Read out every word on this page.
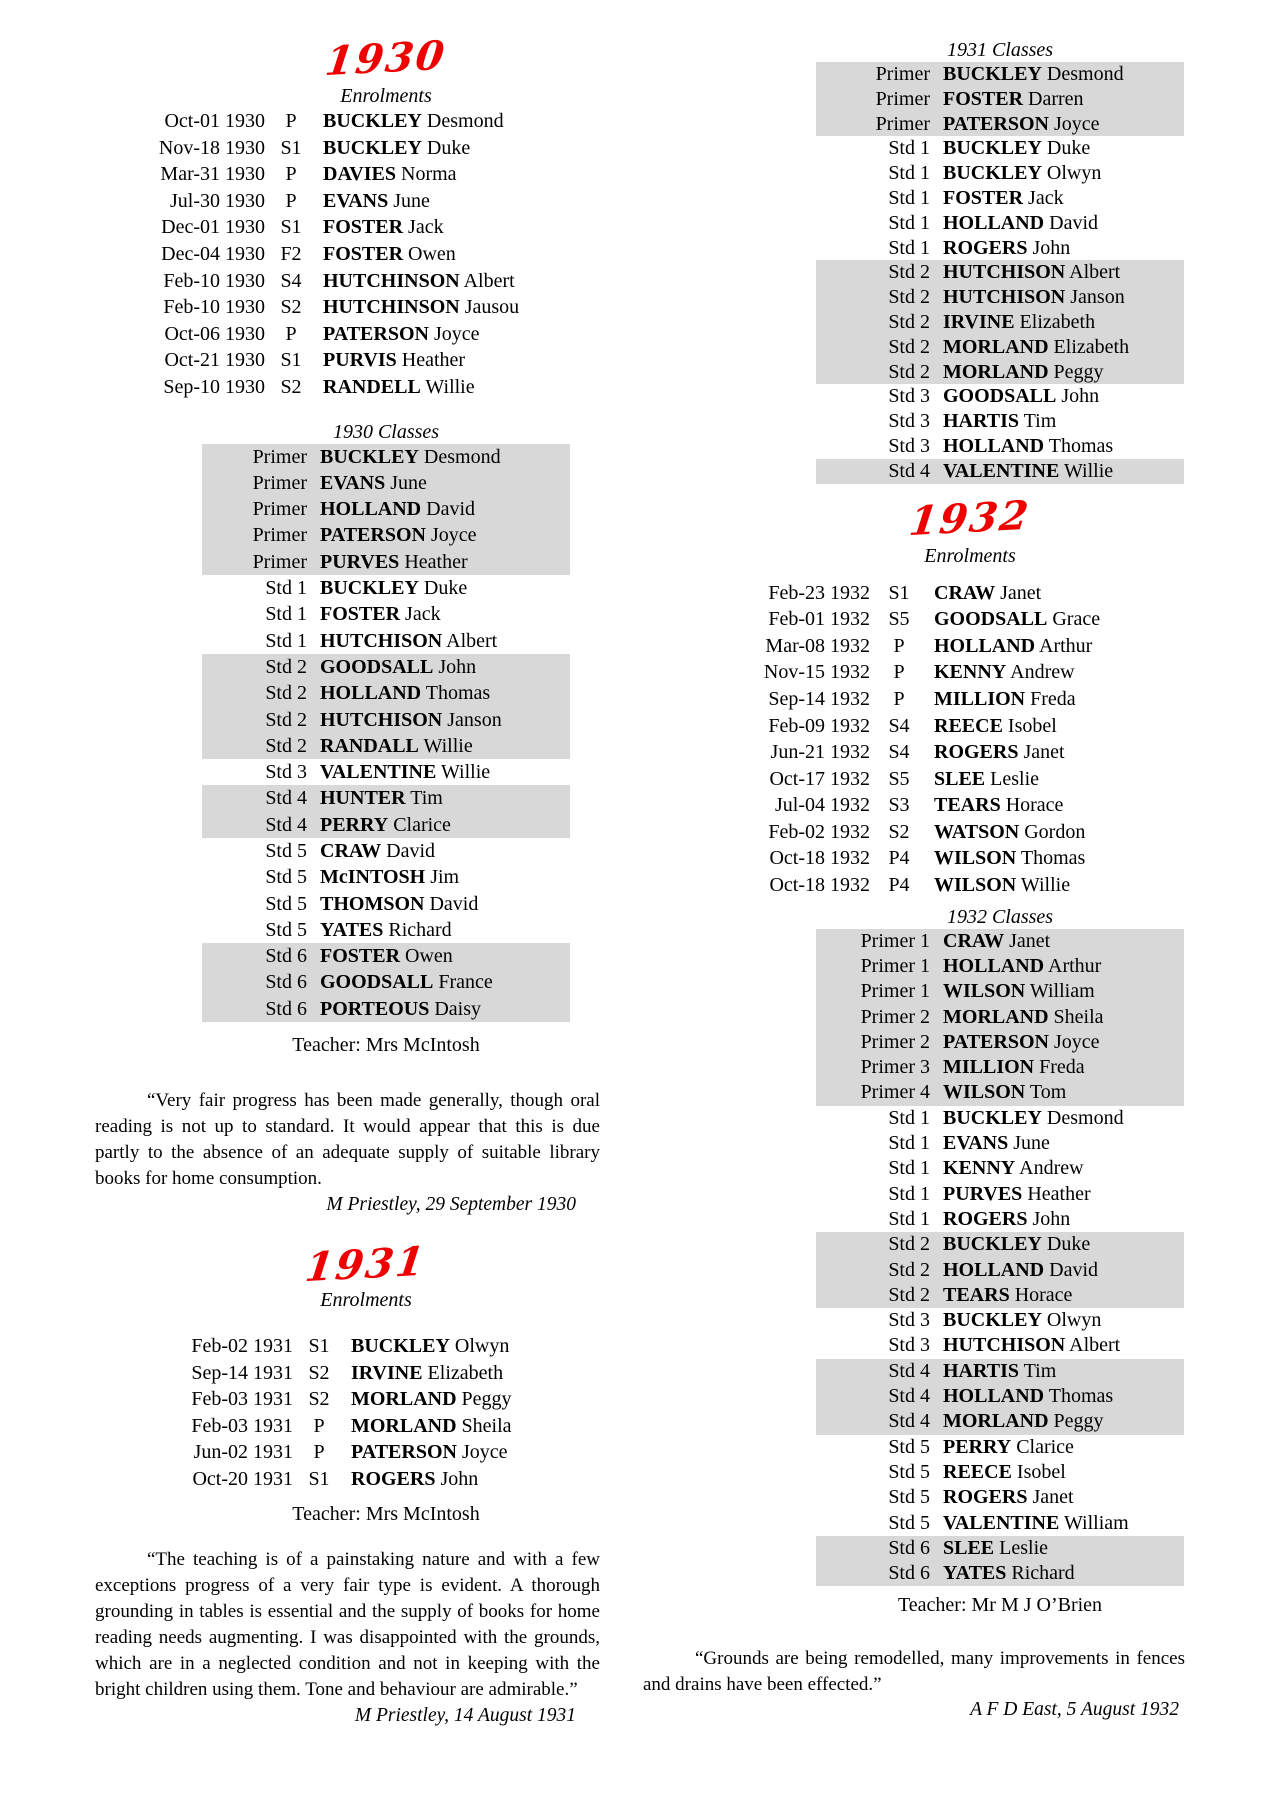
1930
Enrolments
Oct-01 1930	P	BUCKLEY Desmond
Nov-18 1930 S1	BUCKLEY Duke
Mar-31 1930	P	DAVIES Norma
Jul-30 1930	P	EVANS June
Dec-01 1930 S1	FOSTER Jack
Dec-04 1930 F2	FOSTER Owen
Feb-10 1930 S4	HUTCHINSON Albert
Feb-10 1930 S2	HUTCHINSON Jausou
Oct-06 1930	P	PATERSON Joyce
Oct-21 1930 S1	PURVIS Heather
Sep-10 1930 S2	RANDELL Willie
1930 Classes
Primer BUCKLEY Desmond
Primer EVANS June
Primer HOLLAND David
Primer PATERSON Joyce
Primer PURVES Heather
Std 1 BUCKLEY Duke
Std 1 FOSTER Jack
Std 1 HUTCHISON Albert
Std 2 GOODSALL John
Std 2 HOLLAND Thomas
Std 2 HUTCHISON Janson
Std 2 RANDALL Willie
Std 3 VALENTINE Willie
Std 4 HUNTER Tim
Std 4 PERRY Clarice
Std 5 CRAW David
Std 5 McINTOSH Jim
Std 5 THOMSON David
Std 5 YATES Richard
Std 6 FOSTER Owen
Std 6 GOODSALL France
Std 6 PORTEOUS Daisy
Teacher: Mrs McIntosh
“Very fair progress has been made generally, though oral reading is not up to standard. It would appear that this is due partly to the absence of an adequate supply of suitable library books for home consumption.
M Priestley, 29 September 1930
1931
Enrolments
Feb-02 1931 S1	BUCKLEY Olwyn
Sep-14 1931 S2	IRVINE Elizabeth
Feb-03 1931 S2	MORLAND Peggy
Feb-03 1931	P	MORLAND Sheila
Jun-02 1931	P	PATERSON Joyce
Oct-20 1931 S1	ROGERS John
Teacher: Mrs McIntosh
“The teaching is of a painstaking nature and with a few exceptions progress of a very fair type is evident. A thorough grounding in tables is essential and the supply of books for home reading needs augmenting. I was disappointed with the grounds, which are in a neglected condition and not in keeping with the bright children using them. Tone and behaviour are admirable.”
M Priestley, 14 August 1931
1931 Classes
Primer BUCKLEY Desmond
Primer FOSTER Darren
Primer PATERSON Joyce
Std 1 BUCKLEY Duke
Std 1 BUCKLEY Olwyn
Std 1 FOSTER Jack
Std 1 HOLLAND David
Std 1 ROGERS John
Std 2 HUTCHISON Albert
Std 2 HUTCHISON Janson
Std 2 IRVINE Elizabeth
Std 2 MORLAND Elizabeth
Std 2 MORLAND Peggy
Std 3 GOODSALL John
Std 3 HARTIS Tim
Std 3 HOLLAND Thomas
Std 4 VALENTINE Willie
1932
Enrolments
Feb-23 1932 S1	CRAW Janet
Feb-01 1932 S5	GOODSALL Grace
Mar-08 1932	P	HOLLAND Arthur
Nov-15 1932	P	KENNY Andrew
Sep-14 1932	P	MILLION Freda
Feb-09 1932 S4	REECE Isobel
Jun-21 1932 S4	ROGERS Janet
Oct-17 1932 S5	SLEE Leslie
Jul-04 1932 S3	TEARS Horace
Feb-02 1932 S2	WATSON Gordon
Oct-18 1932 P4	WILSON Thomas
Oct-18 1932 P4	WILSON Willie
1932 Classes
Primer 1 CRAW Janet
Primer 1 HOLLAND Arthur
Primer 1 WILSON William
Primer 2 MORLAND Sheila
Primer 2 PATERSON Joyce
Primer 3 MILLION Freda
Primer 4 WILSON Tom
Std 1 BUCKLEY Desmond
Std 1 EVANS June
Std 1 KENNY Andrew
Std 1 PURVES Heather
Std 1 ROGERS John
Std 2 BUCKLEY Duke
Std 2 HOLLAND David
Std 2 TEARS Horace
Std 3 BUCKLEY Olwyn
Std 3 HUTCHISON Albert
Std 4 HARTIS Tim
Std 4 HOLLAND Thomas
Std 4 MORLAND Peggy
Std 5 PERRY Clarice
Std 5 REECE Isobel
Std 5 ROGERS Janet
Std 5 VALENTINE William
Std 6 SLEE Leslie
Std 6 YATES Richard
Teacher: Mr M J O’Brien
“Grounds are being remodelled, many improvements in fences and drains have been effected.”
A F D East, 5 August 1932
